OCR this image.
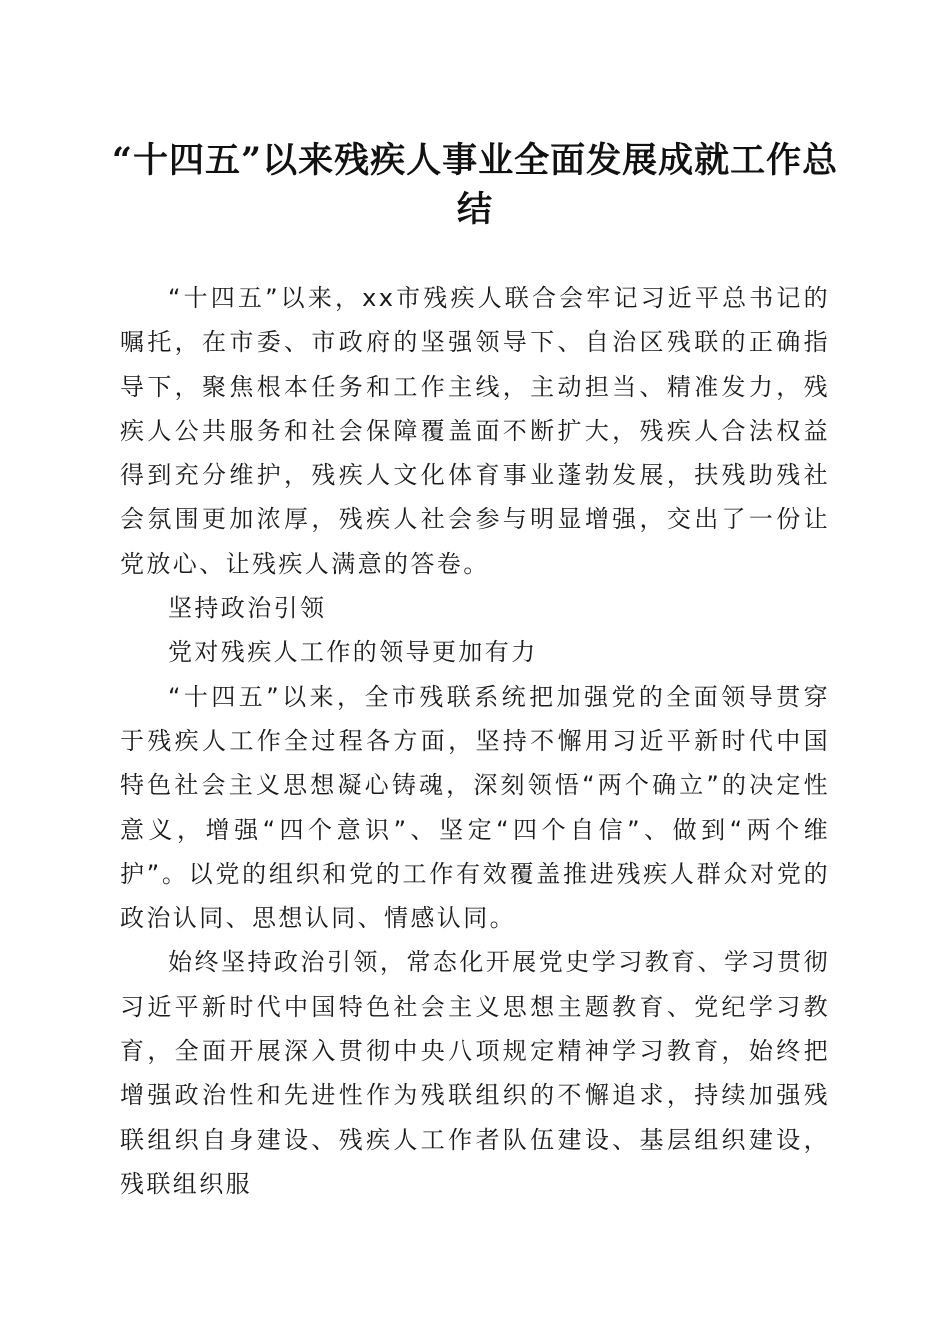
“十四五”以来残疾人事业全面发展成就工作总结

“十四五”以来，xx市残疾人联合会牢记习近平总书记的嘱托，在市委、市政府的坚强领导下、自治区残联的正确指导下，聚焦根本任务和工作主线，主动担当、精准发力，残疾人公共服务和社会保障覆盖面不断扩大，残疾人合法权益得到充分维护，残疾人文化体育事业蓬勃发展，扶残助残社会氛围更加浓厚，残疾人社会参与明显增强，交出了一份让党放心、让残疾人满意的答卷。

坚持政治引领

党对残疾人工作的领导更加有力

“十四五”以来，全市残联系统把加强党的全面领导贯穿于残疾人工作全过程各方面，坚持不懈用习近平新时代中国特色社会主义思想凝心铸魂，深刻领悟“两个确立”的决定性意义，增强“四个意识”、坚定“四个自信”、做到“两个维护”。以党的组织和党的工作有效覆盖推进残疾人群众对党的政治认同、思想认同、情感认同。

始终坚持政治引领，常态化开展党史学习教育、学习贯彻习近平新时代中国特色社会主义思想主题教育、党纪学习教育，全面开展深入贯彻中央八项规定精神学习教育，始终把增强政治性和先进性作为残联组织的不懈追求，持续加强残联组织自身建设、残疾人工作者队伍建设、基层组织建设，残联组织服
